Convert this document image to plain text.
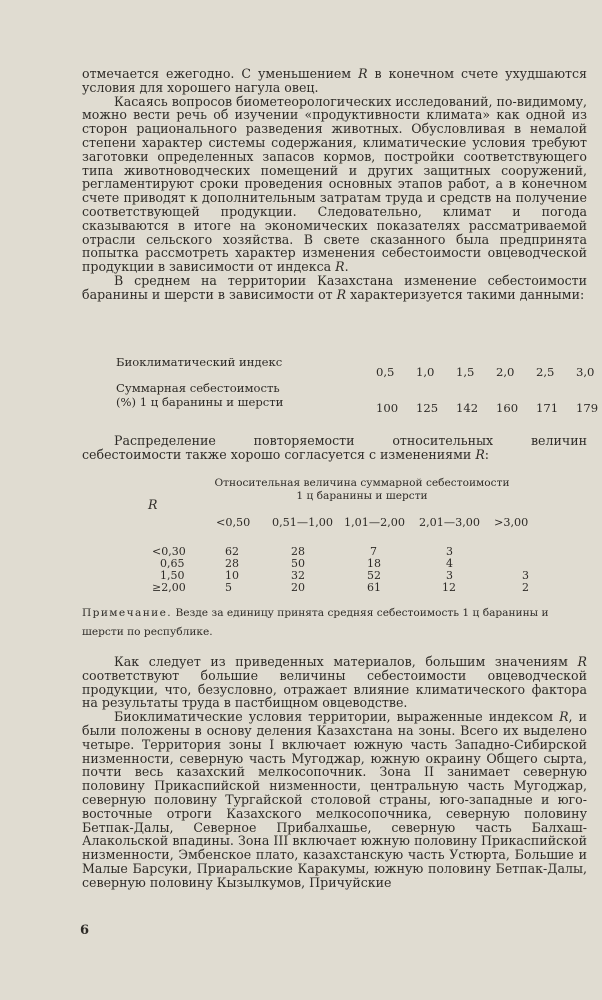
отмечается ежегодно. С уменьшением R в конечном счете ухудшаются условия для хорошего нагула овец.

Касаясь вопросов биометеорологических исследований, по-видимому, можно вести речь об изучении «продуктивности климата» как одной из сторон рационального разведения животных. Обусловливая в немалой степени характер системы содержания, климатические условия требуют заготовки определенных запасов кормов, постройки соответствующего типа животноводческих помещений и других защитных сооружений, регламентируют сроки проведения основных этапов работ, а в конечном счете приводят к дополнительным затратам труда и средств на получение соответствующей продукции. Следовательно, климат и погода сказываются в итоге на экономических показателях рассматриваемой отрасли сельского хозяйства. В свете сказанного была предпринята попытка рассмотреть характер изменения себестоимости овцеводческой продукции в зависимости от индекса R.

В среднем на территории Казахстана изменение себестоимости баранины и шерсти в зависимости от R характеризуется такими данными:

Биоклиматический индекс
0,5	1,0	1,5	2,0	2,5	3,0
Суммарная себестоимость (%) 1 ц баранины и шерсти	100	125	142	160	171	179

Распределение повторяемости относительных величин себестоимости также хорошо согласуется с изменениями R:

R
Относительная величина суммарной себестоимости 1 ц баранины и шерсти
<0,50 0,51—1,00 1,01—2,00 2,01—3,00 >3,00
<0,30	62	28	7	3
0,65	28	50	18	4
1,50	10	32	52	3	3
≥2,00	5	20	61	12	2
Примечание. Везде за единицу принята средняя себестоимость 1 ц баранины и шерсти по республике.

Как следует из приведенных материалов, большим значениям R соответствуют большие величины себестоимости овцеводческой продукции, что, безусловно, отражает влияние климатического фактора на результаты труда в пастбищном овцеводстве.

Биоклиматические условия территории, выраженные индексом R, и были положены в основу деления Казахстана на зоны. Всего их выделено четыре. Территория зоны I включает южную часть Западно-Сибирской низменности, северную часть Мугоджар, южную окраину Общего сырта, почти весь казахский мелкосопочник. Зона II занимает северную половину Прикаспийской низменности, центральную часть Мугоджар, северную половину Тургайской столовой страны, юго-западные и юго-восточные отроги Казахского мелкосопочника, северную половину Бетпак-Далы, Северное Прибалхашье, северную часть Балхаш-Алакольской впадины. Зона III включает южную половину Прикаспийской низменности, Эмбенское плато, казахстанскую часть Устюрта, Большие и Малые Барсуки, Приаральские Каракумы, южную половину Бетпак-Далы, северную половину Кызылкумов, Причуйские

6
